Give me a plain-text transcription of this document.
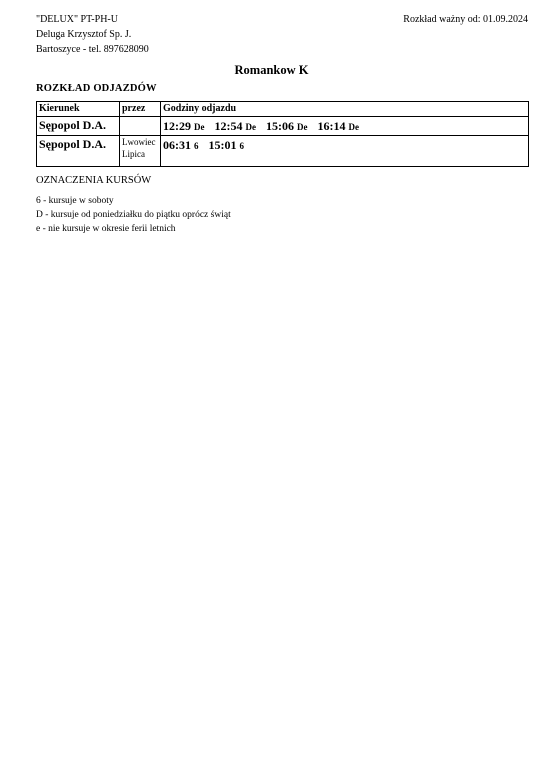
"DELUX" PT-PH-U
Deluga Krzysztof Sp. J.
Bartoszyce - tel. 897628090
Rozkład ważny od: 01.09.2024
Romankow K
ROZKŁAD ODJAZDÓW
Kierunek	przez	Godziny odjazdu
Sępopol D.A.		12:29 De 12:54 De 15:06 De 16:14 De
Sępopol D.A.	Lwowiec Lipica	06:31 6 15:01 6
OZNACZENIA KURSÓW
6 - kursuje w soboty
D - kursuje od poniedziałku do piątku oprócz świąt
e - nie kursuje w okresie ferii letnich
